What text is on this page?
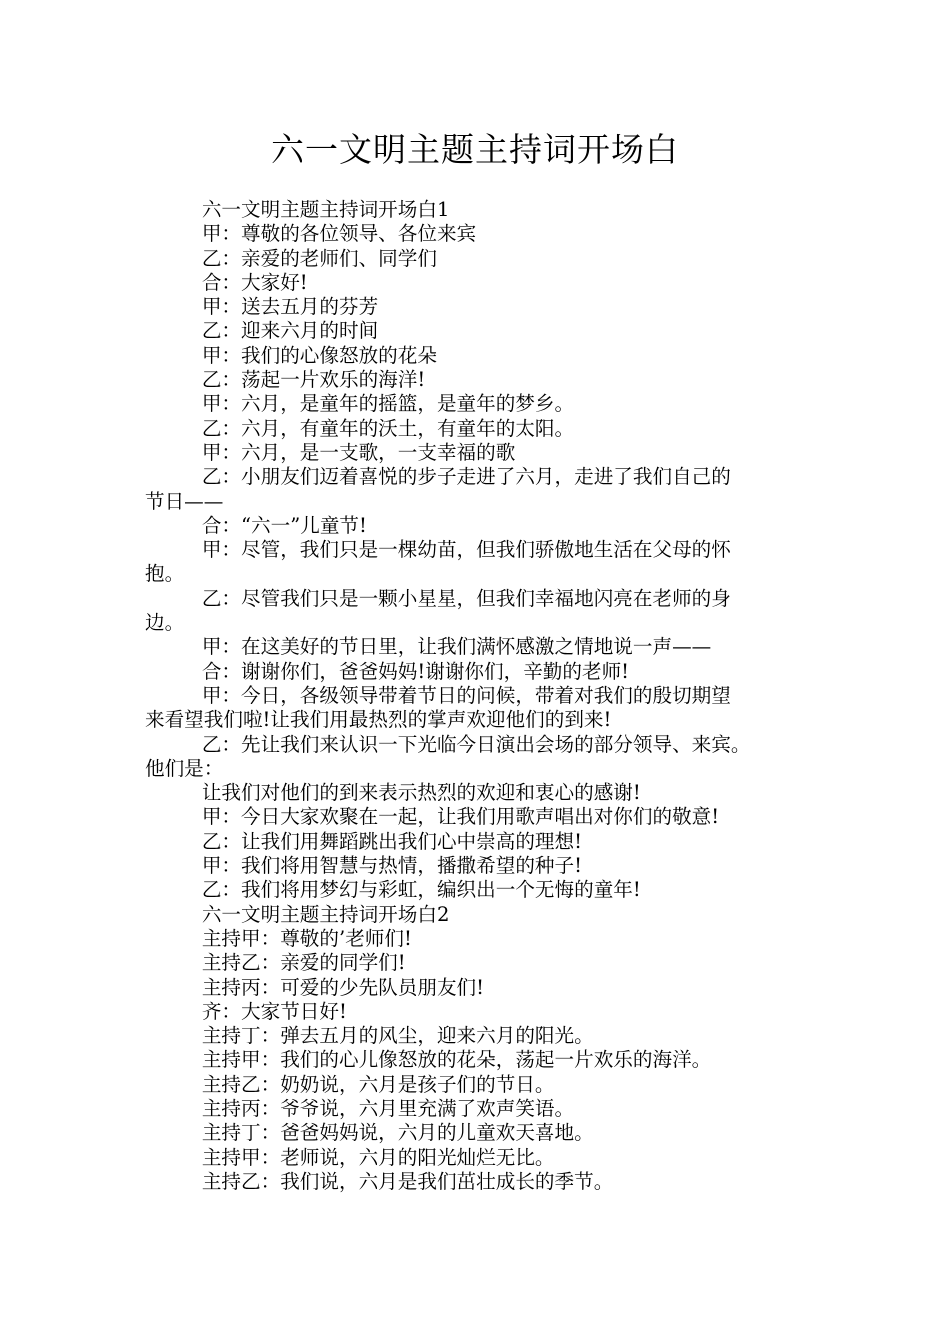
六一文明主题主持词开场白

六一文明主题主持词开场白1

甲：尊敬的各位领导、各位来宾

乙：亲爱的老师们、同学们

合：大家好!

甲：送去五月的芬芳

乙：迎来六月的时间

甲：我们的心像怒放的花朵

乙：荡起一片欢乐的海洋!

甲：六月，是童年的摇篮，是童年的梦乡。

乙：六月，有童年的沃土，有童年的太阳。

甲：六月，是一支歌，一支幸福的歌

乙：小朋友们迈着喜悦的步子走进了六月，走进了我们自己的
节日——

合：“六一”儿童节!

甲：尽管，我们只是一棵幼苗，但我们骄傲地生活在父母的怀
抱。

乙：尽管我们只是一颗小星星，但我们幸福地闪亮在老师的身
边。

甲：在这美好的节日里，让我们满怀感激之情地说一声——

合：谢谢你们，爸爸妈妈!谢谢你们，辛勤的老师!

甲：今日，各级领导带着节日的问候，带着对我们的殷切期望
来看望我们啦!让我们用最热烈的掌声欢迎他们的到来!

乙：先让我们来认识一下光临今日演出会场的部分领导、来宾。
他们是：

让我们对他们的到来表示热烈的欢迎和衷心的感谢!

甲：今日大家欢聚在一起，让我们用歌声唱出对你们的敬意!

乙：让我们用舞蹈跳出我们心中崇高的理想!

甲：我们将用智慧与热情，播撒希望的种子!

乙：我们将用梦幻与彩虹，编织出一个无悔的童年!

六一文明主题主持词开场白2

主持甲：尊敬的’老师们!

主持乙：亲爱的同学们!

主持丙：可爱的少先队员朋友们!

齐：大家节日好!

主持丁：弹去五月的风尘，迎来六月的阳光。

主持甲：我们的心儿像怒放的花朵，荡起一片欢乐的海洋。

主持乙：奶奶说，六月是孩子们的节日。

主持丙：爷爷说，六月里充满了欢声笑语。

主持丁：爸爸妈妈说，六月的儿童欢天喜地。

主持甲：老师说，六月的阳光灿烂无比。

主持乙：我们说，六月是我们茁壮成长的季节。
